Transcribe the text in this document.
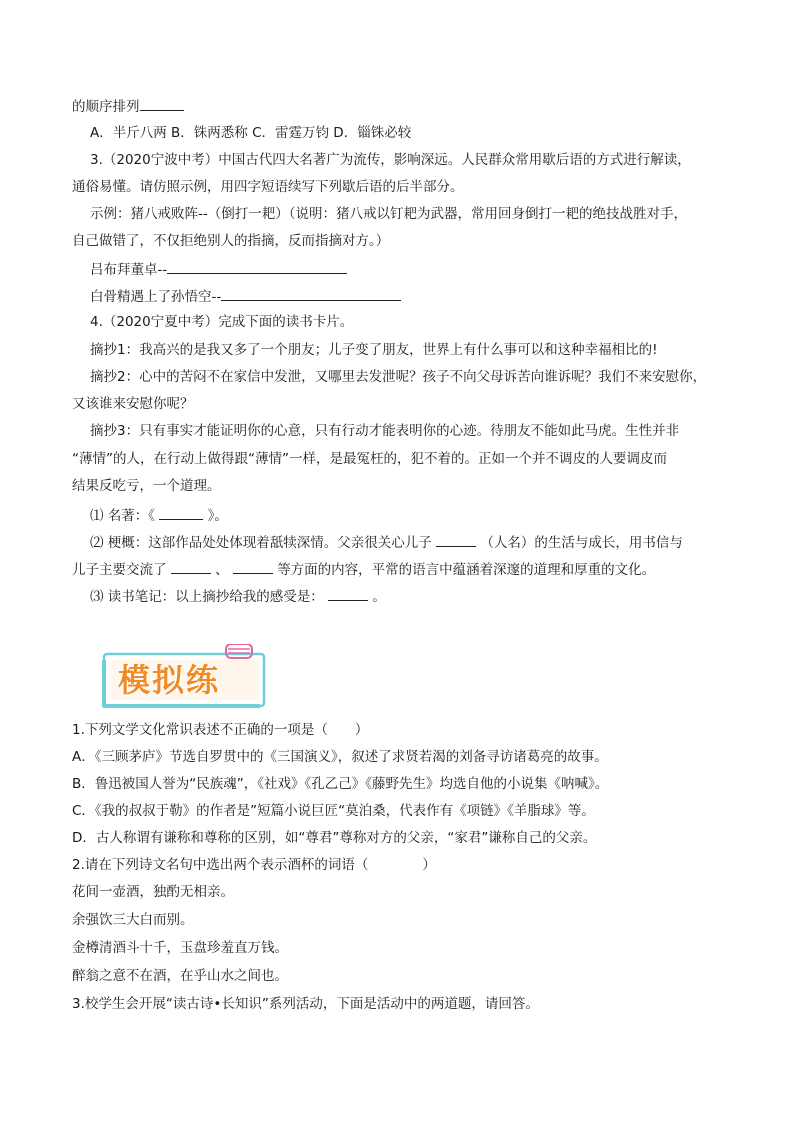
的顺序排列
A．半斤八两 B．铢两悉称 C．雷霆万钧 D．锱铢必较
3.（2020宁波中考）中国古代四大名著广为流传，影响深远。人民群众常用歇后语的方式进行解读，
通俗易懂。请仿照示例，用四字短语续写下列歇后语的后半部分。
示例：猪八戒败阵--（倒打一耙）（说明：猪八戒以钉耙为武器，常用回身倒打一耙的绝技战胜对手，
自己做错了，不仅拒绝别人的指摘，反而指摘对方。）
吕布拜董卓--
白骨精遇上了孙悟空--
4.（2020宁夏中考）完成下面的读书卡片。
摘抄1：我高兴的是我又多了一个朋友；儿子变了朋友，世界上有什么事可以和这种幸福相比的!
摘抄2：心中的苦闷不在家信中发泄，又哪里去发泄呢？孩子不向父母诉苦向谁诉呢？我们不来安慰你，
又该谁来安慰你呢？
摘抄3：只有事实才能证明你的心意，只有行动才能表明你的心迹。待朋友不能如此马虎。生性并非
“薄情”的人，在行动上做得跟“薄情”一样，是最冤枉的，犯不着的。正如一个并不调皮的人要调皮而
结果反吃亏，一个道理。
⑴ 名著：《	》。
⑵ 梗概：这部作品处处体现着舐犊深情。父亲很关心儿子	（人名）的生活与成长，用书信与
儿子主要交流了	、	等方面的内容，平常的语言中蕴涵着深邃的道理和厚重的文化。
⑶ 读书笔记：以上摘抄给我的感受是：	。
模拟练
1.下列文学文化常识表述不正确的一项是（　　）
A．《三顾茅庐》节选自罗贯中的《三国演义》，叙述了求贤若渴的刘备寻访诸葛亮的故事。
B．鲁迅被国人誉为“民族魂”，《社戏》《孔乙己》《藤野先生》均选自他的小说集《呐喊》。
C．《我的叔叔于勒》的作者是”短篇小说巨匠“莫泊桑，代表作有《项链》《羊脂球》等。
D．古人称谓有谦称和尊称的区别，如“尊君”尊称对方的父亲，“家君”谦称自己的父亲。
2.请在下列诗文名句中选出两个表示酒杯的词语（　　　　）
花间一壶酒，独酌无相亲。
余强饮三大白而别。
金樽清酒斗十千，玉盘珍羞直万钱。
醉翁之意不在酒，在乎山水之间也。
3.校学生会开展“读古诗•长知识”系列活动，下面是活动中的两道题，请回答。
